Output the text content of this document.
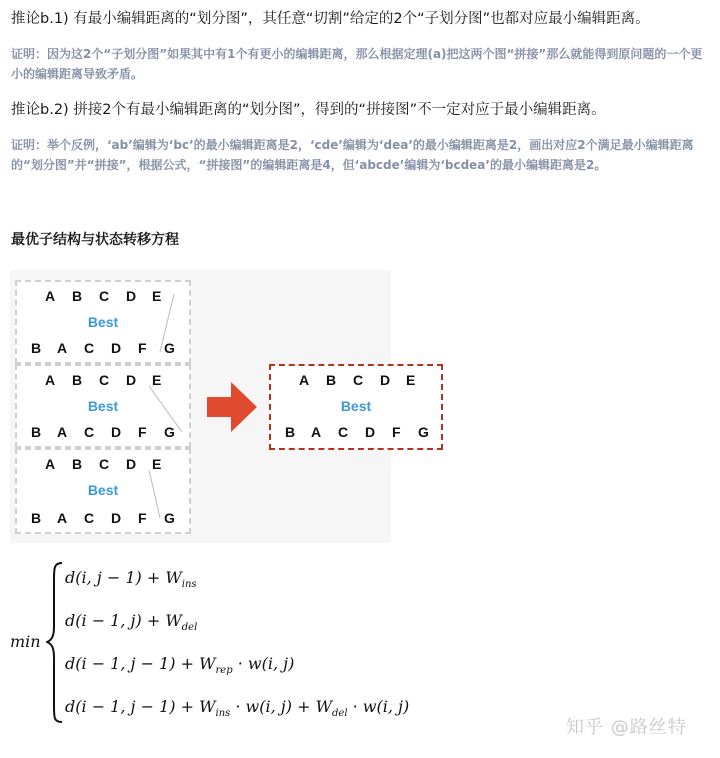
推论b.1) 有最小编辑距离的“划分图”，其任意“切割”给定的2个“子划分图”也都对应最小编辑距离。
证明：因为这2个“子划分图”如果其中有1个有更小的编辑距离，那么根据定理(a)把这两个图“拼接”那么就能得到原问题的一个更小的编辑距离导致矛盾。
推论b.2) 拼接2个有最小编辑距离的“划分图”，得到的“拼接图”不一定对应于最小编辑距离。
证明：举个反例，‘ab’编辑为‘bc’的最小编辑距离是2，‘cde’编辑为‘dea’的最小编辑距离是2，画出对应2个满足最小编辑距离的“划分图”并“拼接”，根据公式，“拼接图”的编辑距离是4，但‘abcde’编辑为‘bcdea’的最小编辑距离是2。
最优子结构与状态转移方程
A B C D E
Best
B A C D F G
A B C D E
Best
B A C D F G
A B C D E
Best
B A C D F G
A B C D E
Best
B A C D F G
min
d(i, $j - 1) + W_{ins}$
d(i − 1, $j) + W_{del}$
d(i − 1, $j - 1) + W_{rep} \cdot w(i$, j)
d(i − 1, $j - 1) + W_{ins} \cdot w(i$, $j) + W_{del} \cdot w(i$, j)
知乎 @路丝特
